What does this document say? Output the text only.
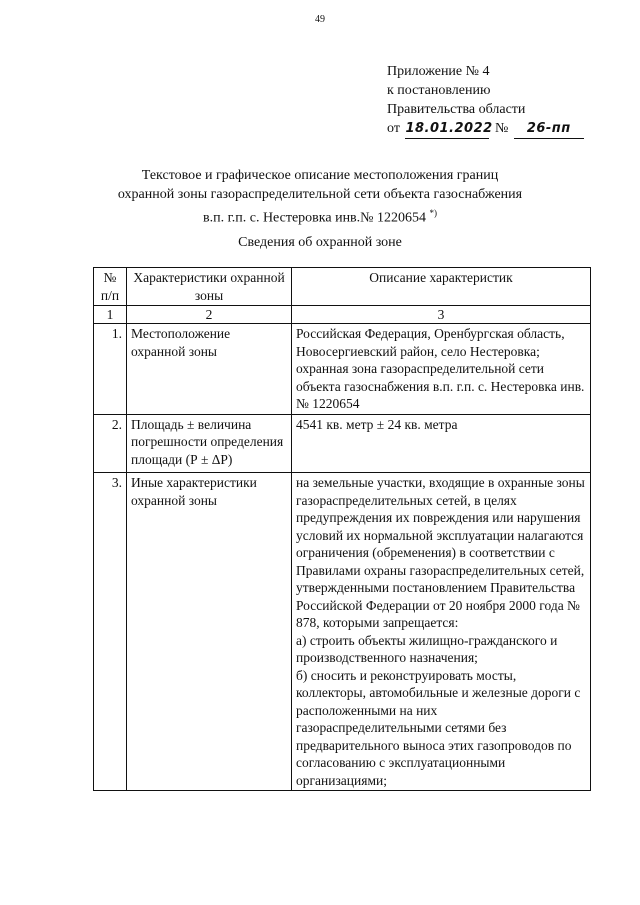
49
Приложение № 4
к постановлению
Правительства области
от 18.01.2022 № 26-пп
Текстовое и графическое описание местоположения границ
охранной зоны газораспределительной сети объекта газоснабжения
в.п. г.п. с. Нестеровка инв.№ 1220654 *)
Сведения об охранной зоне
№ п/п	Характеристики охранной зоны	Описание характеристик
1	2	3
1.	Местоположение охранной зоны	Российская Федерация, Оренбургская область, Новосергиевский район, село Нестеровка; охранная зона газораспределительной сети объекта газоснабжения в.п. г.п. с. Нестеровка инв.№ 1220654
2.	Площадь ± величина погрешности определения площади (Р ± ΔР)	4541 кв. метр ± 24 кв. метра
3.	Иные характеристики охранной зоны	на земельные участки, входящие в охранные зоны газораспределительных сетей, в целях предупреждения их повреждения или нарушения условий их нормальной эксплуатации налагаются ограничения (обременения) в соответствии с Правилами охраны газораспределительных сетей, утвержденными постановлением Правительства Российской Федерации от 20 ноября 2000 года № 878, которыми запрещается:
а) строить объекты жилищно-гражданского и производственного назначения;
б) сносить и реконструировать мосты, коллекторы, автомобильные и железные дороги с расположенными на них газораспределительными сетями без предварительного выноса этих газопроводов по согласованию с эксплуатационными организациями;
